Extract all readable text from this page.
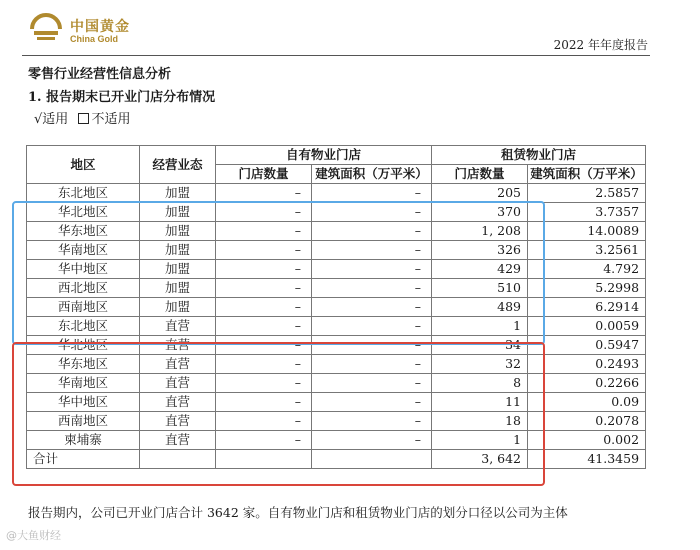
中国黄金
China Gold	2022 年年度报告
零售行业经营性信息分析
1. 报告期末已开业门店分布情况
√适用 不适用
地区	经营业态	自有物业门店		租赁物业门店	
		门店数量	建筑面积（万平米）	门店数量	建筑面积（万平米）
东北地区	加盟	–	–	205	2.5857
华北地区	加盟	–	–	370	3.7357
华东地区	加盟	–	–	1, 208	14.0089
华南地区	加盟	–	–	326	3.2561
华中地区	加盟	–	–	429	4.792
西北地区	加盟	–	–	510	5.2998
西南地区	加盟	–	–	489	6.2914
东北地区	直营	–	–	1	0.0059
华北地区	直营	–	–	34	0.5947
华东地区	直营	–	–	32	0.2493
华南地区	直营	–	–	8	0.2266
华中地区	直营	–	–	11	0.09
西南地区	直营	–	–	18	0.2078
柬埔寨	直营	–	–	1	0.002
合计				3, 642	41.3459
报告期内，公司已开业门店合计 3642 家。自有物业门店和租赁物业门店的划分口径以公司为主体
@大鱼财经
